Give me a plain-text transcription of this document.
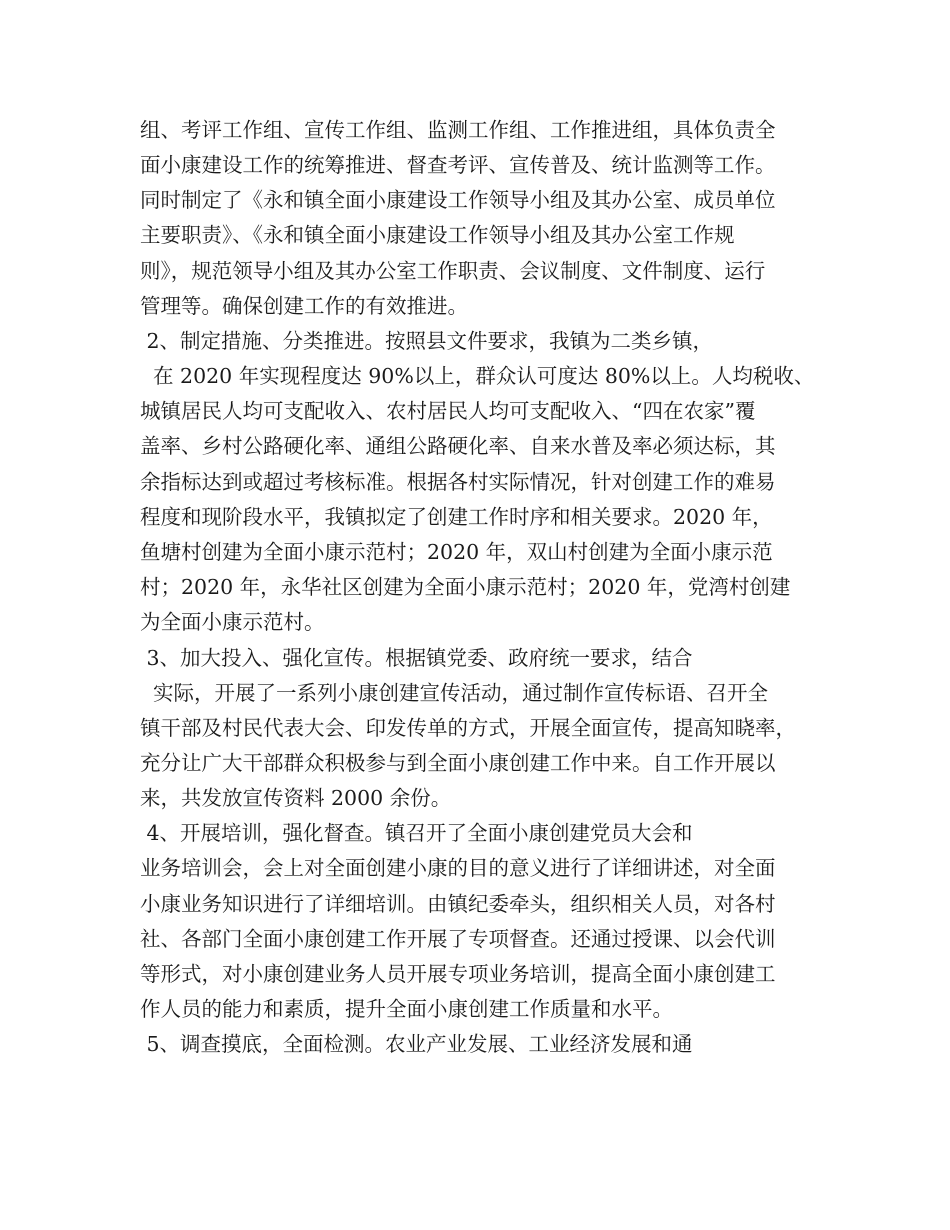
组、考评工作组、宣传工作组、监测工作组、工作推进组，具体负责全
面小康建设工作的统筹推进、督查考评、宣传普及、统计监测等工作。
同时制定了《永和镇全面小康建设工作领导小组及其办公室、成员单位
主要职责》、《永和镇全面小康建设工作领导小组及其办公室工作规
则》，规范领导小组及其办公室工作职责、会议制度、文件制度、运行
管理等。确保创建工作的有效推进。
2、制定措施、分类推进。按照县文件要求，我镇为二类乡镇，
在 2020 年实现程度达 90%以上，群众认可度达 80%以上。人均税收、
城镇居民人均可支配收入、农村居民人均可支配收入、“四在农家”覆
盖率、乡村公路硬化率、通组公路硬化率、自来水普及率必须达标，其
余指标达到或超过考核标准。根据各村实际情况，针对创建工作的难易
程度和现阶段水平，我镇拟定了创建工作时序和相关要求。2020 年，
鱼塘村创建为全面小康示范村；2020 年，双山村创建为全面小康示范
村；2020 年，永华社区创建为全面小康示范村；2020 年，党湾村创建
为全面小康示范村。
3、加大投入、强化宣传。根据镇党委、政府统一要求，结合
实际，开展了一系列小康创建宣传活动，通过制作宣传标语、召开全
镇干部及村民代表大会、印发传单的方式，开展全面宣传，提高知晓率，
充分让广大干部群众积极参与到全面小康创建工作中来。自工作开展以
来，共发放宣传资料 2000 余份。
4、开展培训，强化督查。镇召开了全面小康创建党员大会和
业务培训会，会上对全面创建小康的目的意义进行了详细讲述，对全面
小康业务知识进行了详细培训。由镇纪委牵头，组织相关人员，对各村
社、各部门全面小康创建工作开展了专项督查。还通过授课、以会代训
等形式，对小康创建业务人员开展专项业务培训，提高全面小康创建工
作人员的能力和素质，提升全面小康创建工作质量和水平。
5、调查摸底，全面检测。农业产业发展、工业经济发展和通
